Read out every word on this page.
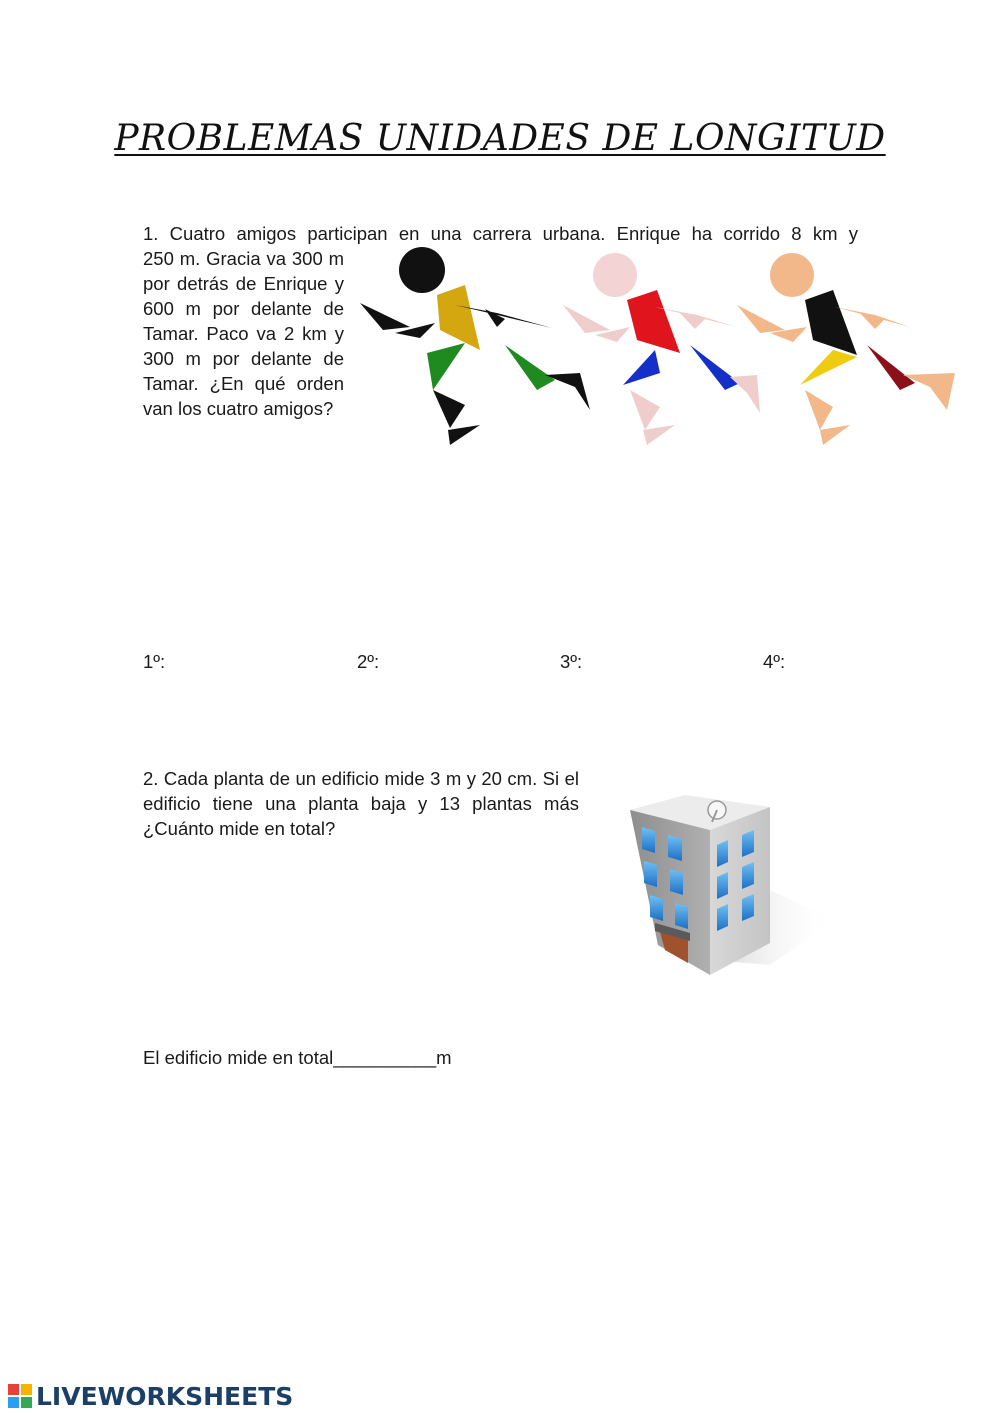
PROBLEMAS UNIDADES DE LONGITUD
1. Cuatro amigos participan en una carrera urbana. Enrique ha corrido 8 km y
250 m. Gracia va 300 m por detrás de Enrique y 600 m por delante de Tamar. Paco va 2 km y 300 m por delante de Tamar. ¿En qué orden van los cuatro amigos?
1º:	2º:	3º:	4º:
2. Cada planta de un edificio mide 3 m y 20 cm. Si el edificio tiene una planta baja y 13 plantas más ¿Cuánto mide en total?
El edificio mide en total__________m
LIVEWORKSHEETS
